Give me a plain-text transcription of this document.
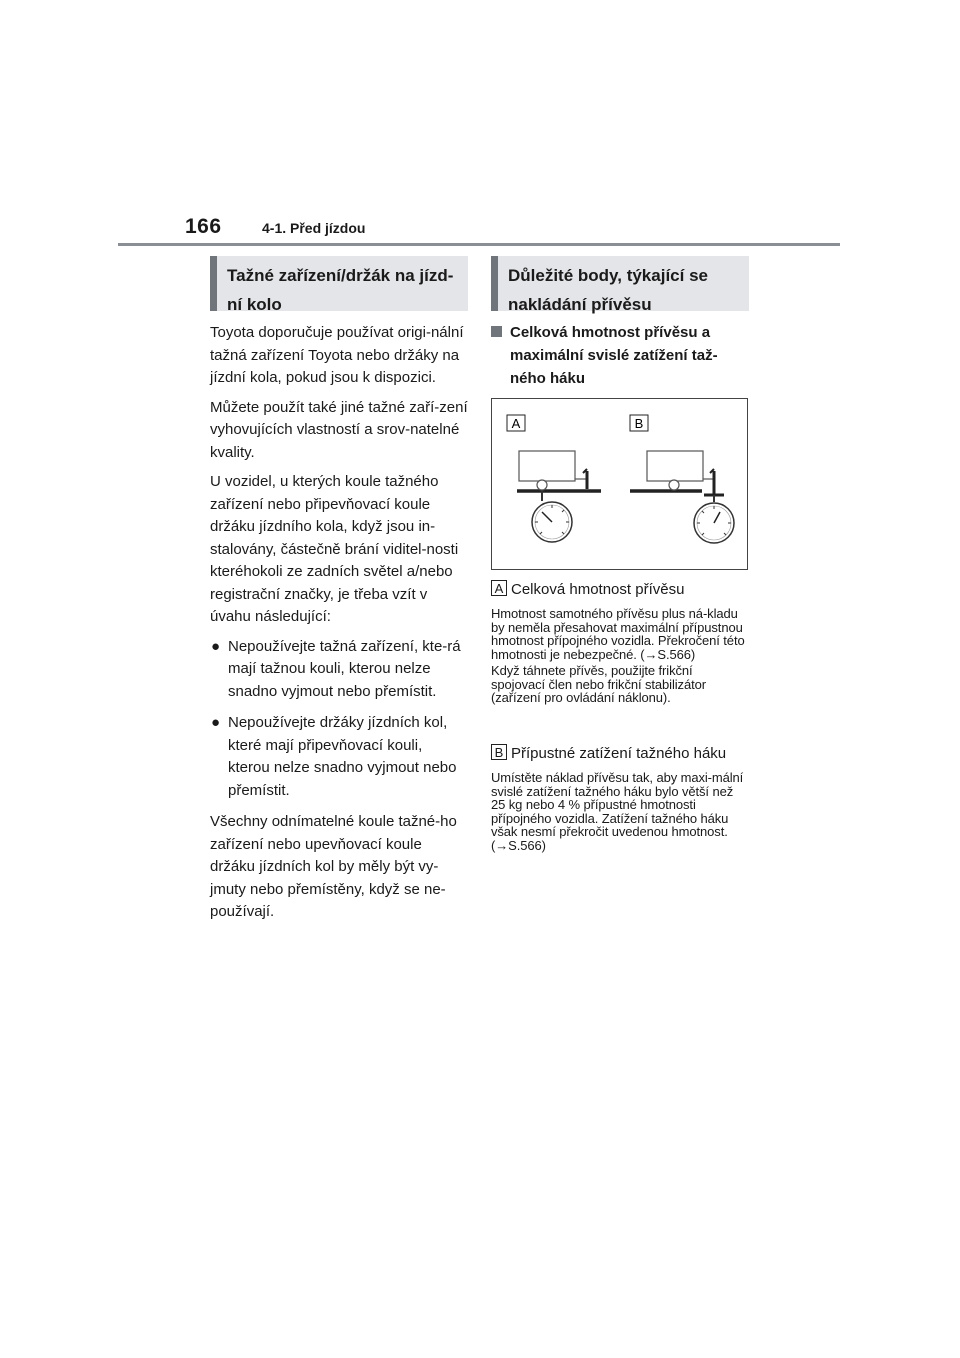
166	4-1. Před jízdou
Tažné zařízení/držák na jízd-ní kolo
Důležité body, týkající se nakládání přívěsu

Toyota doporučuje používat origi-nální tažná zařízení Toyota nebo držáky na jízdní kola, pokud jsou k dispozici.

Můžete použít také jiné tažné zaří-zení vyhovujících vlastností a srov-natelné kvality.

U vozidel, u kterých koule tažného zařízení nebo připevňovací koule držáku jízdního kola, když jsou in-stalovány, částečně brání viditel-nosti kteréhokoli ze zadních světel a/nebo registrační značky, je třeba vzít v úvahu následující:

● Nepoužívejte tažná zařízení, kte-rá mají tažnou kouli, kterou nelze snadno vyjmout nebo přemístit.
● Nepoužívejte držáky jízdních kol, které mají připevňovací kouli, kterou nelze snadno vyjmout nebo přemístit.

Všechny odnímatelné koule tažné-ho zařízení nebo upevňovací koule držáku jízdních kol by měly být vy-jmuty nebo přemístěny, když se ne-používají.

Celková hmotnost přívěsu a maximální svislé zatížení taž-ného háku

A	B

A Celková hmotnost přívěsu

Hmotnost samotného přívěsu plus ná-kladu by neměla přesahovat maximální přípustnou hmotnost přípojného vozidla. Překročení této hmotnosti je nebezpečné. (→S.566)

Když táhnete přívěs, použijte frikční spojovací člen nebo frikční stabilizátor (zařízení pro ovládání náklonu).

B Přípustné zatížení tažného háku

Umístěte náklad přívěsu tak, aby maxi-mální svislé zatížení tažného háku bylo větší než 25 kg nebo 4 % přípustné hmotnosti přípojného vozidla. Zatížení tažného háku však nesmí překročit uvedenou hmotnost. (→S.566)
